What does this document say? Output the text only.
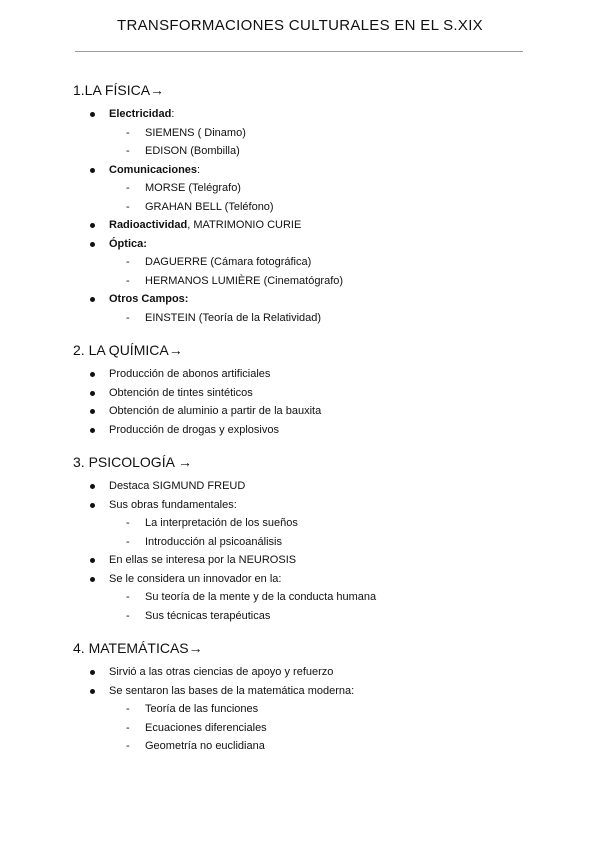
TRANSFORMACIONES CULTURALES EN EL S.XIX
1.LA FÍSICA→
Electricidad:
- SIEMENS ( Dinamo)
- EDISON (Bombilla)
Comunicaciones:
- MORSE (Telégrafo)
- GRAHAN BELL (Teléfono)
Radioactividad, MATRIMONIO CURIE
Óptica:
- DAGUERRE (Cámara fotográfica)
- HERMANOS LUMIÈRE (Cinematógrafo)
Otros Campos:
- EINSTEIN (Teoría de la Relatividad)
2. LA QUÍMICA→
Producción de abonos artificiales
Obtención de tintes sintéticos
Obtención de aluminio a partir de la bauxita
Producción de drogas y explosivos
3. PSICOLOGÍA →
Destaca SIGMUND FREUD
Sus obras fundamentales:
- La interpretación de los sueños
- Introducción al psicoanálisis
En ellas se interesa por la NEUROSIS
Se le considera un innovador en la:
- Su teoría de la mente y de la conducta humana
- Sus técnicas terapéuticas
4. MATEMÁTICAS→
Sirvió a las otras ciencias de apoyo y refuerzo
Se sentaron las bases de la matemática moderna:
- Teoría de las funciones
- Ecuaciones diferenciales
- Geometría no euclidiana
